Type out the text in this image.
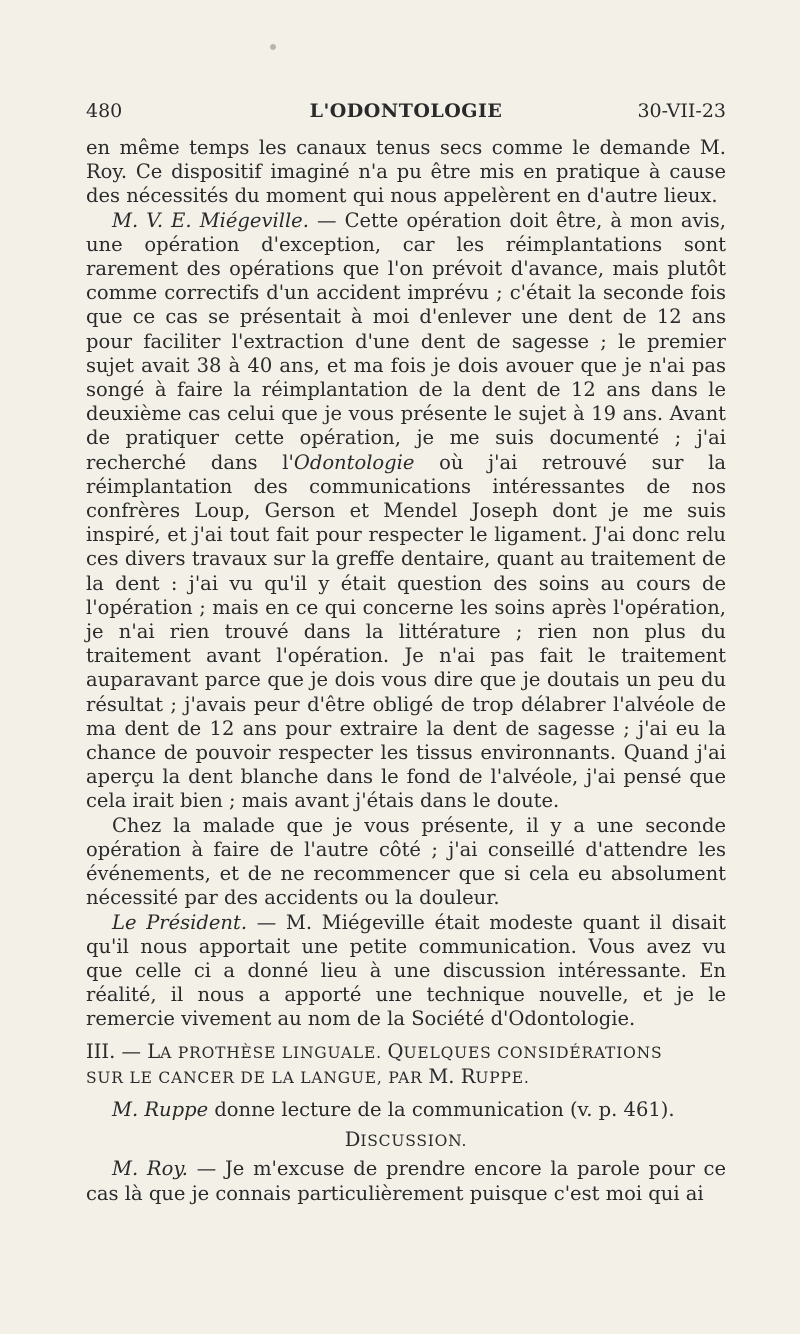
480	L'ODONTOLOGIE	30-VII-23

en même temps les canaux tenus secs comme le demande M. Roy. Ce dispositif imaginé n'a pu être mis en pratique à cause des nécessités du moment qui nous appelèrent en d'autre lieux.

M. V. E. Miégeville. — Cette opération doit être, à mon avis, une opération d'exception, car les réimplantations sont rarement des opérations que l'on prévoit d'avance, mais plutôt comme correctifs d'un accident imprévu ; c'était la seconde fois que ce cas se présentait à moi d'enlever une dent de 12 ans pour faciliter l'extraction d'une dent de sagesse ; le premier sujet avait 38 à 40 ans, et ma fois je dois avouer que je n'ai pas songé à faire la réimplantation de la dent de 12 ans dans le deuxième cas celui que je vous présente le sujet à 19 ans. Avant de pratiquer cette opération, je me suis documenté ; j'ai recherché dans l'Odontologie où j'ai retrouvé sur la réimplantation des communications intéressantes de nos confrères Loup, Gerson et Mendel Joseph dont je me suis inspiré, et j'ai tout fait pour respecter le ligament. J'ai donc relu ces divers travaux sur la greffe dentaire, quant au traitement de la dent : j'ai vu qu'il y était question des soins au cours de l'opération ; mais en ce qui concerne les soins après l'opération, je n'ai rien trouvé dans la littérature ; rien non plus du traitement avant l'opération. Je n'ai pas fait le traitement auparavant parce que je dois vous dire que je doutais un peu du résultat ; j'avais peur d'être obligé de trop délabrer l'alvéole de ma dent de 12 ans pour extraire la dent de sagesse ; j'ai eu la chance de pouvoir respecter les tissus environnants. Quand j'ai aperçu la dent blanche dans le fond de l'alvéole, j'ai pensé que cela irait bien ; mais avant j'étais dans le doute.

Chez la malade que je vous présente, il y a une seconde opération à faire de l'autre côté ; j'ai conseillé d'attendre les événements, et de ne recommencer que si cela eu absolument nécessité par des accidents ou la douleur.

Le Président. — M. Miégeville était modeste quant il disait qu'il nous apportait une petite communication. Vous avez vu que celle ci a donné lieu à une discussion intéressante. En réalité, il nous a apporté une technique nouvelle, et je le remercie vivement au nom de la Société d'Odontologie.

III. — LA PROTHÈSE LINGUALE. QUELQUES CONSIDÉRATIONS
SUR LE CANCER DE LA LANGUE, PAR M. RUPPE.

M. Ruppe donne lecture de la communication (v. p. 461).

DISCUSSION.

M. Roy. — Je m'excuse de prendre encore la parole pour ce cas là que je connais particulièrement puisque c'est moi qui ai
